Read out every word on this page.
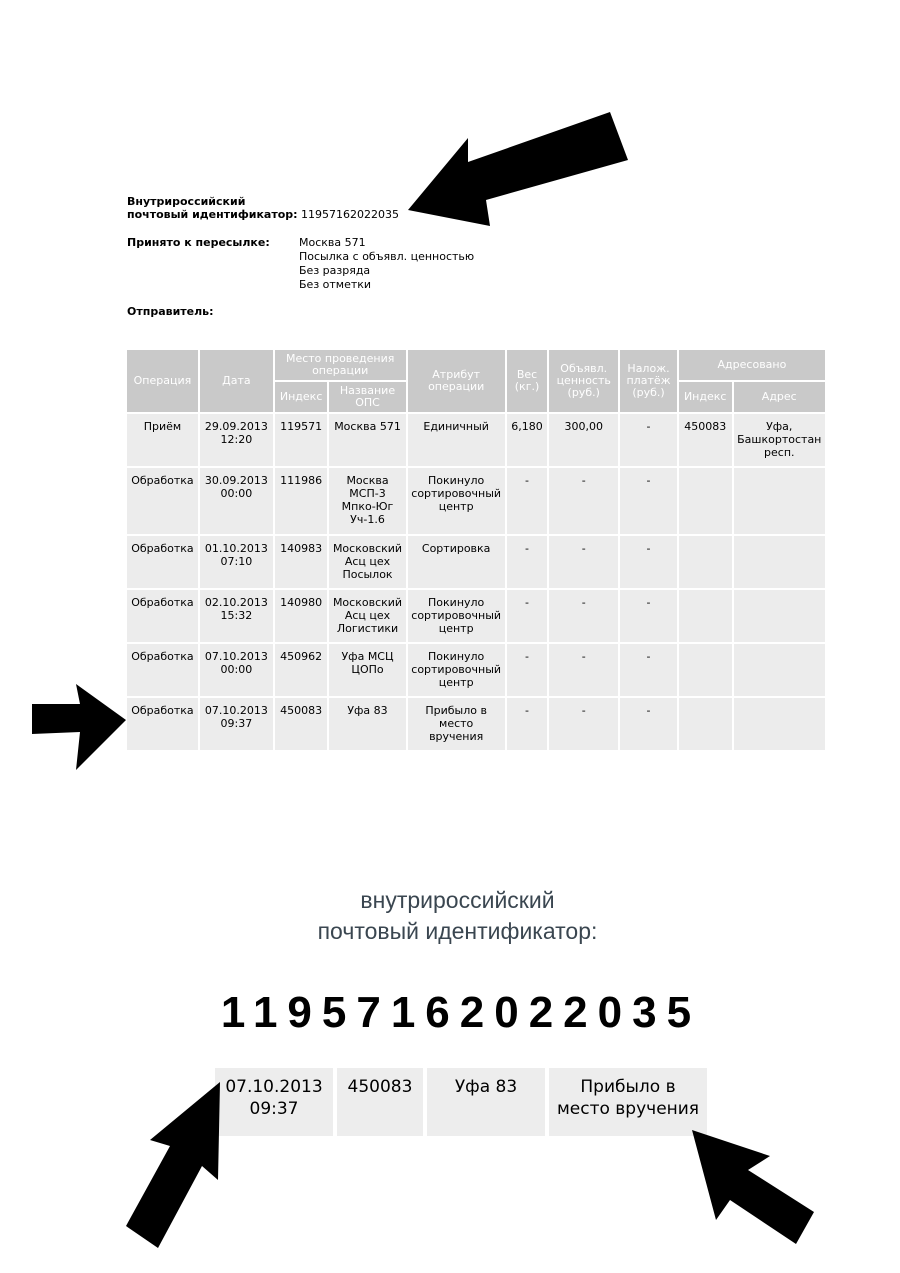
Внутрироссийский
почтовый идентификатор:
11957162022035
Принято к пересылке:	Москва 571
Посылка с объявл. ценностью
Без разряда
Без отметки
Отправитель:
Операция	Дата	Место проведения операции		Атрибут операции	Вес (кг.)	Объявл. ценность (руб.)	Налож. платёж (руб.)	Адресовано	
		Индекс	Название ОПС					Индекс	Адрес
Приём	29.09.2013 12:20	119571	Москва 571	Единичный	6,180	300,00	-	450083	Уфа, Башкортостан респ.
Обработка	30.09.2013 00:00	111986	Москва МСП-3 Мпко-Юг Уч-1.6	Покинуло сортировочный центр	-	-	-		
Обработка	01.10.2013 07:10	140983	Московский Асц цех Посылок	Сортировка	-	-	-		
Обработка	02.10.2013 15:32	140980	Московский Асц цех Логистики	Покинуло сортировочный центр	-	-	-		
Обработка	07.10.2013 00:00	450962	Уфа МСЦ ЦОПо	Покинуло сортировочный центр	-	-	-		
Обработка	07.10.2013 09:37	450083	Уфа 83	Прибыло в место вручения	-	-	-		
внутрироссийский
почтовый идентификатор:
11957162022035
07.10.2013 09:37
450083	Уфа 83	Прибыло в место вручения
